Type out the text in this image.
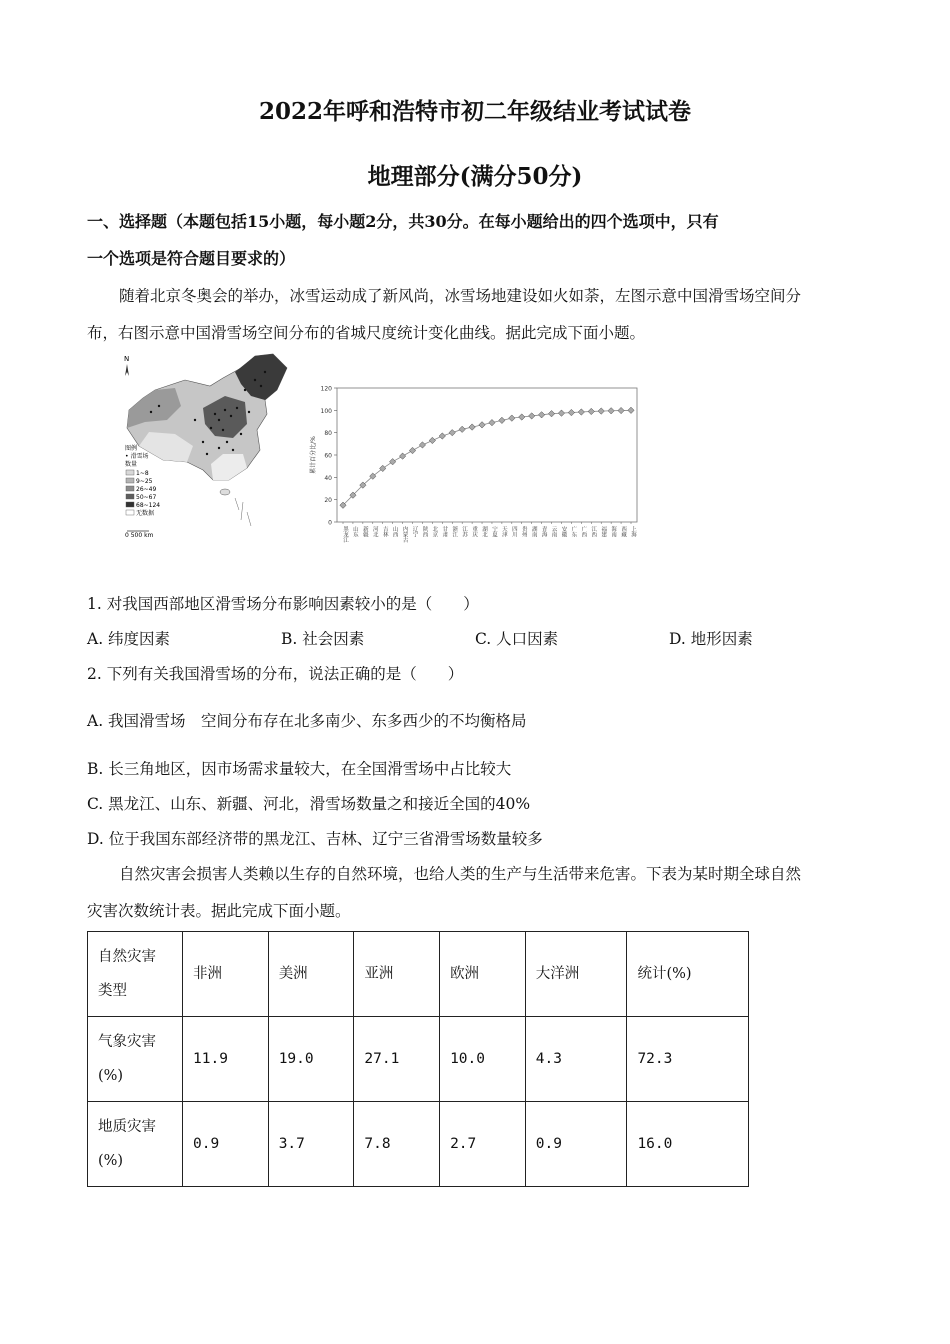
2022年呼和浩特市初二年级结业考试试卷
地理部分(满分50分)
一、选择题（本题包括15小题，每小题2分，共30分。在每小题给出的四个选项中，只有
一个选项是符合题目要求的）
随着北京冬奥会的举办，冰雪运动成了新风尚，冰雪场地建设如火如荼，左图示意中国滑雪场空间分
布，右图示意中国滑雪场空间分布的省城尺度统计变化曲线。据此完成下面小题。
N
图例
• 滑雪场
数量
1~8
9~25
26~49
50~67
68~124
无数据
0 500 km
0
20
40
60
80
100
120
累计百分比/%
黑龙江 山东 新疆 河北 吉林 山西 内蒙古 辽宁 陕西 北京 甘肃 浙江 江苏 重庆 湖北 宁夏 天津 四川 贵州 湖南 青海 云南 安徽 广东 广西 江西 福建 海南 西藏 上海
1. 对我国西部地区滑雪场分布影响因素较小的是（　　）
A. 纬度因素	B. 社会因素	C. 人口因素	D. 地形因素
2. 下列有关我国滑雪场的分布，说法正确的是（　　）
A. 我国滑雪场　空间分布存在北多南少、东多西少的不均衡格局
B. 长三角地区，因市场需求量较大，在全国滑雪场中占比较大
C. 黑龙江、山东、新疆、河北，滑雪场数量之和接近全国的40%
D. 位于我国东部经济带的黑龙江、吉林、辽宁三省滑雪场数量较多
自然灾害会损害人类赖以生存的自然环境，也给人类的生产与生活带来危害。下表为某时期全球自然
灾害次数统计表。据此完成下面小题。
自然灾害
类型	非洲	美洲	亚洲	欧洲	大洋洲	统计(%)

气象灾害
(%)	11.9	19.0	27.1	10.0	4.3	72.3

地质灾害
(%)	0.9	3.7	7.8	2.7	0.9	16.0
